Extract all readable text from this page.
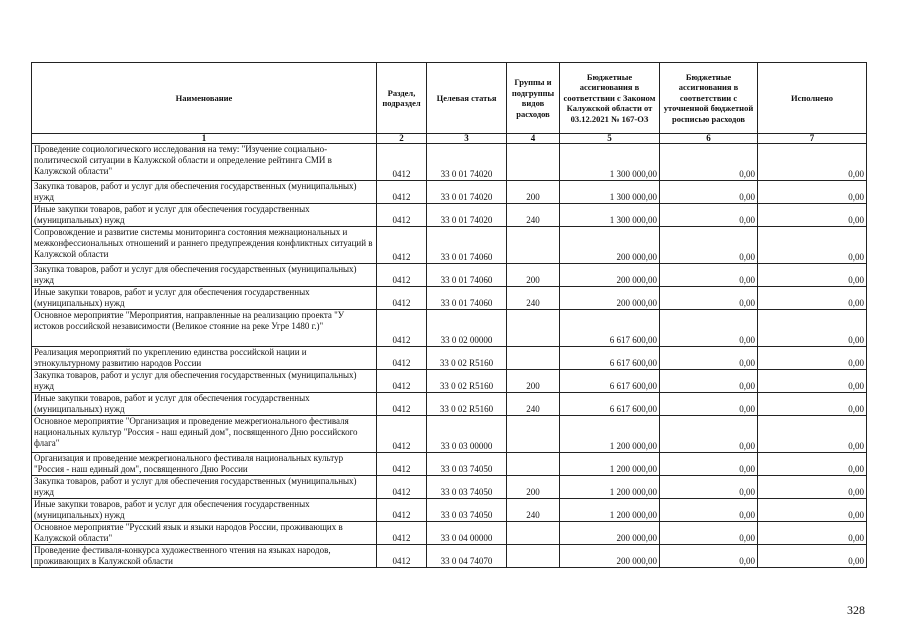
Наименование	Раздел, подраздел	Целевая статья	Группы и подгруппы видов расходов	Бюджетные ассигнования в соответствии с Законом Калужской области от 03.12.2021 № 167-ОЗ	Бюджетные ассигнования в соответствии с уточненной бюджетной росписью расходов	Исполнено
1	2	3	4	5	6	7
Проведение социологического исследования на тему: "Изучение социально-политической ситуации в Калужской области и определение рейтинга СМИ в Калужской области"	0412	33 0 01 74020		1 300 000,00	0,00	0,00
Закупка товаров, работ и услуг для обеспечения государственных (муниципальных) нужд	0412	33 0 01 74020	200	1 300 000,00	0,00	0,00
Иные закупки товаров, работ и услуг для обеспечения государственных (муниципальных) нужд	0412	33 0 01 74020	240	1 300 000,00	0,00	0,00
Сопровождение и развитие системы мониторинга состояния межнациональных и межконфессиональных отношений и раннего предупреждения конфликтных ситуаций в Калужской области	0412	33 0 01 74060		200 000,00	0,00	0,00
Закупка товаров, работ и услуг для обеспечения государственных (муниципальных) нужд	0412	33 0 01 74060	200	200 000,00	0,00	0,00
Иные закупки товаров, работ и услуг для обеспечения государственных (муниципальных) нужд	0412	33 0 01 74060	240	200 000,00	0,00	0,00
Основное мероприятие "Мероприятия, направленные на реализацию проекта "У истоков российской независимости (Великое стояние на реке Угре 1480 г.)"	0412	33 0 02 00000		6 617 600,00	0,00	0,00
Реализация мероприятий по укреплению единства российской нации и этнокультурному развитию народов России	0412	33 0 02 R5160		6 617 600,00	0,00	0,00
Закупка товаров, работ и услуг для обеспечения государственных (муниципальных) нужд	0412	33 0 02 R5160	200	6 617 600,00	0,00	0,00
Иные закупки товаров, работ и услуг для обеспечения государственных (муниципальных) нужд	0412	33 0 02 R5160	240	6 617 600,00	0,00	0,00
Основное мероприятие "Организация и проведение межрегионального фестиваля национальных культур "Россия - наш единый дом", посвященного Дню российского флага"	0412	33 0 03 00000		1 200 000,00	0,00	0,00
Организация и проведение межрегионального фестиваля национальных культур "Россия - наш единый дом", посвященного Дню России	0412	33 0 03 74050		1 200 000,00	0,00	0,00
Закупка товаров, работ и услуг для обеспечения государственных (муниципальных) нужд	0412	33 0 03 74050	200	1 200 000,00	0,00	0,00
Иные закупки товаров, работ и услуг для обеспечения государственных (муниципальных) нужд	0412	33 0 03 74050	240	1 200 000,00	0,00	0,00
Основное мероприятие "Русский язык и языки народов России, проживающих в Калужской области"	0412	33 0 04 00000		200 000,00	0,00	0,00
Проведение фестиваля-конкурса художественного чтения на языках народов, проживающих в Калужской области	0412	33 0 04 74070		200 000,00	0,00	0,00
328
